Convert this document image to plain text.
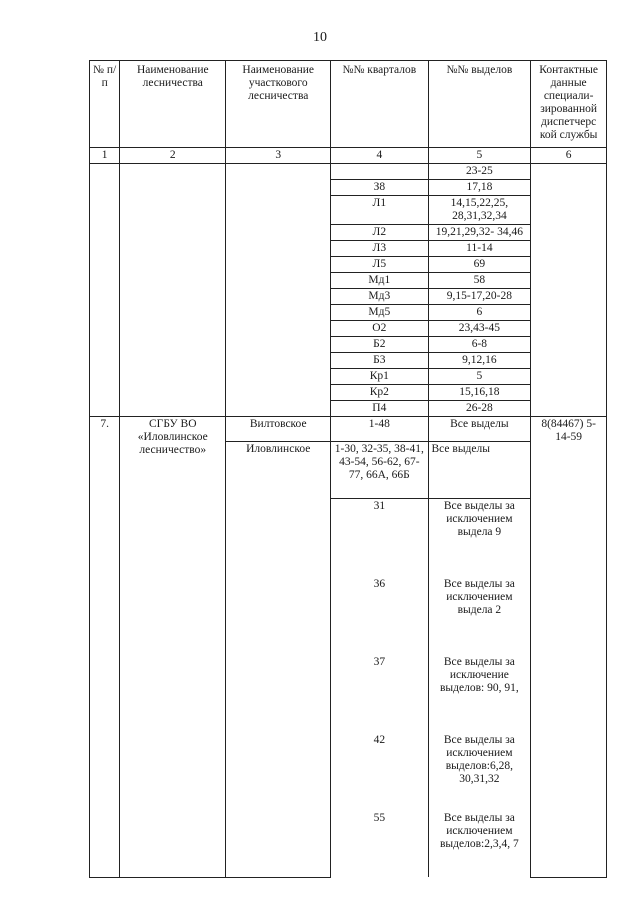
10
№ п/п	Наименование лесничества	Наименование участкового лесничества	№№ кварталов	№№ выделов	Контактные данные специали-зированной диспетчерс кой службы
1	2	3	4	5	6
				23-25	
			З8	17,18	
			Л1	14,15,22,25, 28,31,32,34	
			Л2	19,21,29,32- 34,46	
			Л3	11-14	
			Л5	69	
			Мд1	58	
			Мд3	9,15-17,20-28	
			Мд5	6	
			О2	23,43-45	
			Б2	6-8	
			Б3	9,12,16	
			Кр1	5	
			Кр2	15,16,18	
			П4	26-28	
7.	СГБУ ВО «Иловлинское лесничество»	Вилтовское	1-48	Все выделы	8(84467) 5-14-59
		Иловлинское	1-30, 32-35, 38-41, 43-54, 56-62, 67-77, 66А, 66Б	Все выделы	
			31	Все выделы за исключением выдела 9	
			36	Все выделы за исключением выдела 2	
			37	Все выделы за исключение выделов: 90, 91,	
			42	Все выделы за исключением выделов:6,28, 30,31,32	
			55	Все выделы за исключением выделов:2,3,4, 7	
